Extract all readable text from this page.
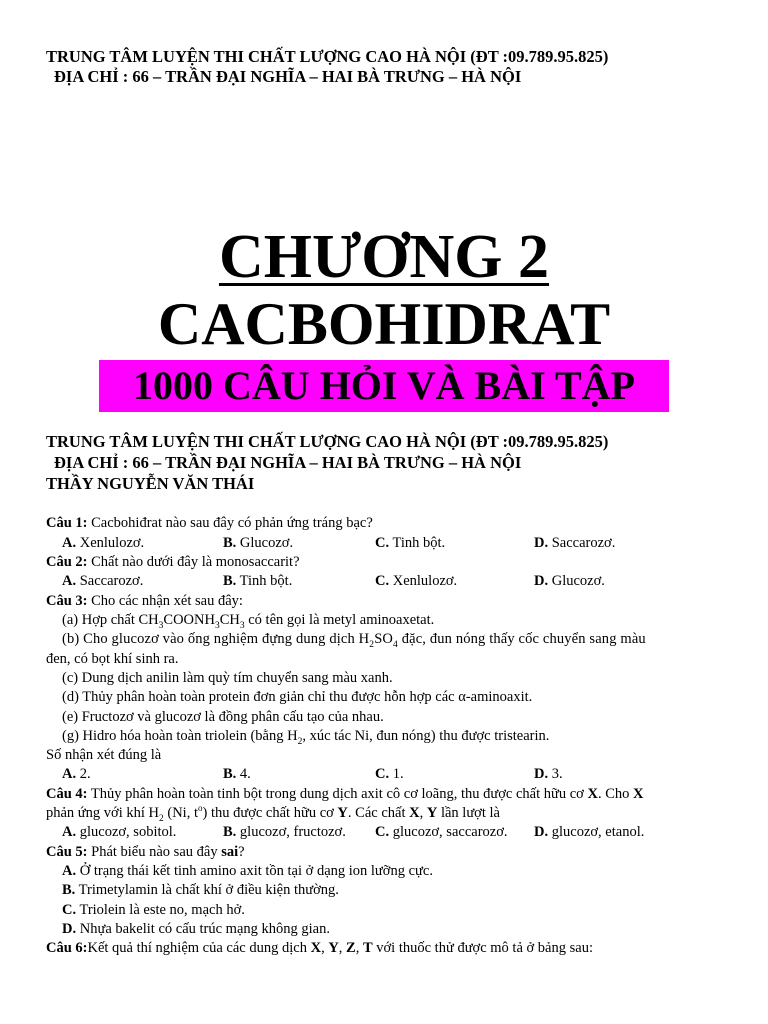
TRUNG TÂM LUYỆN THI CHẤT LƯỢNG CAO HÀ NỘI (ĐT :09.789.95.825)
ĐỊA CHỈ : 66 – TRẦN ĐẠI NGHĨA – HAI BÀ TRƯNG – HÀ NỘI
CHƯƠNG 2
CACBOHIDRAT
1000 CÂU HỎI VÀ BÀI TẬP
TRUNG TÂM LUYỆN THI CHẤT LƯỢNG CAO HÀ NỘI (ĐT :09.789.95.825)
ĐỊA CHỈ : 66 – TRẦN ĐẠI NGHĨA – HAI BÀ TRƯNG – HÀ NỘI
THẦY NGUYỄN VĂN THÁI
Câu 1: Cacbohiđrat nào sau đây có phản ứng tráng bạc?
A. Xenlulozơ.	B. Glucozơ.	C. Tinh bột.	D. Saccarozơ.
Câu 2: Chất nào dưới đây là monosaccarit?
A. Saccarozơ.	B. Tinh bột.	C. Xenlulozơ.	D. Glucozơ.
Câu 3: Cho các nhận xét sau đây:
(a) Hợp chất $CH_3COONH_3CH_3$ có tên gọi là metyl aminoaxetat.
(b) Cho glucozơ vào ống nghiệm đựng dung dịch $H_2SO_4$ đặc, đun nóng thấy cốc chuyển sang màu
đen, có bọt khí sinh ra.
(c) Dung dịch anilin làm quỳ tím chuyển sang màu xanh.
(d) Thủy phân hoàn toàn protein đơn giản chỉ thu được hỗn hợp các α-aminoaxit.
(e) Fructozơ và glucozơ là đồng phân cấu tạo của nhau.
(g) Hidro hóa hoàn toàn triolein (bằng $H_2$, xúc tác Ni, đun nóng) thu được tristearin.
Số nhận xét đúng là
A. 2.	B. 4.	C. 1.	D. 3.
Câu 4: Thủy phân hoàn toàn tinh bột trong dung dịch axit cô cơ loãng, thu được chất hữu cơ X. Cho X
phản ứng với khí $H_2$ (Ni, $t^o$) thu được chất hữu cơ Y. Các chất X, Y lần lượt là
A. glucozơ, sobitol.	B. glucozơ, fructozơ. C. glucozơ, saccarozơ. D. glucozơ, etanol.
Câu 5: Phát biểu nào sau đây sai?
A. Ở trạng thái kết tinh amino axit tồn tại ở dạng ion lưỡng cực.
B. Trimetylamin là chất khí ở điều kiện thường.
C. Triolein là este no, mạch hở.
D. Nhựa bakelit có cấu trúc mạng không gian.
Câu 6:Kết quả thí nghiệm của các dung dịch X, Y, Z, T với thuốc thử được mô tả ở bảng sau:
